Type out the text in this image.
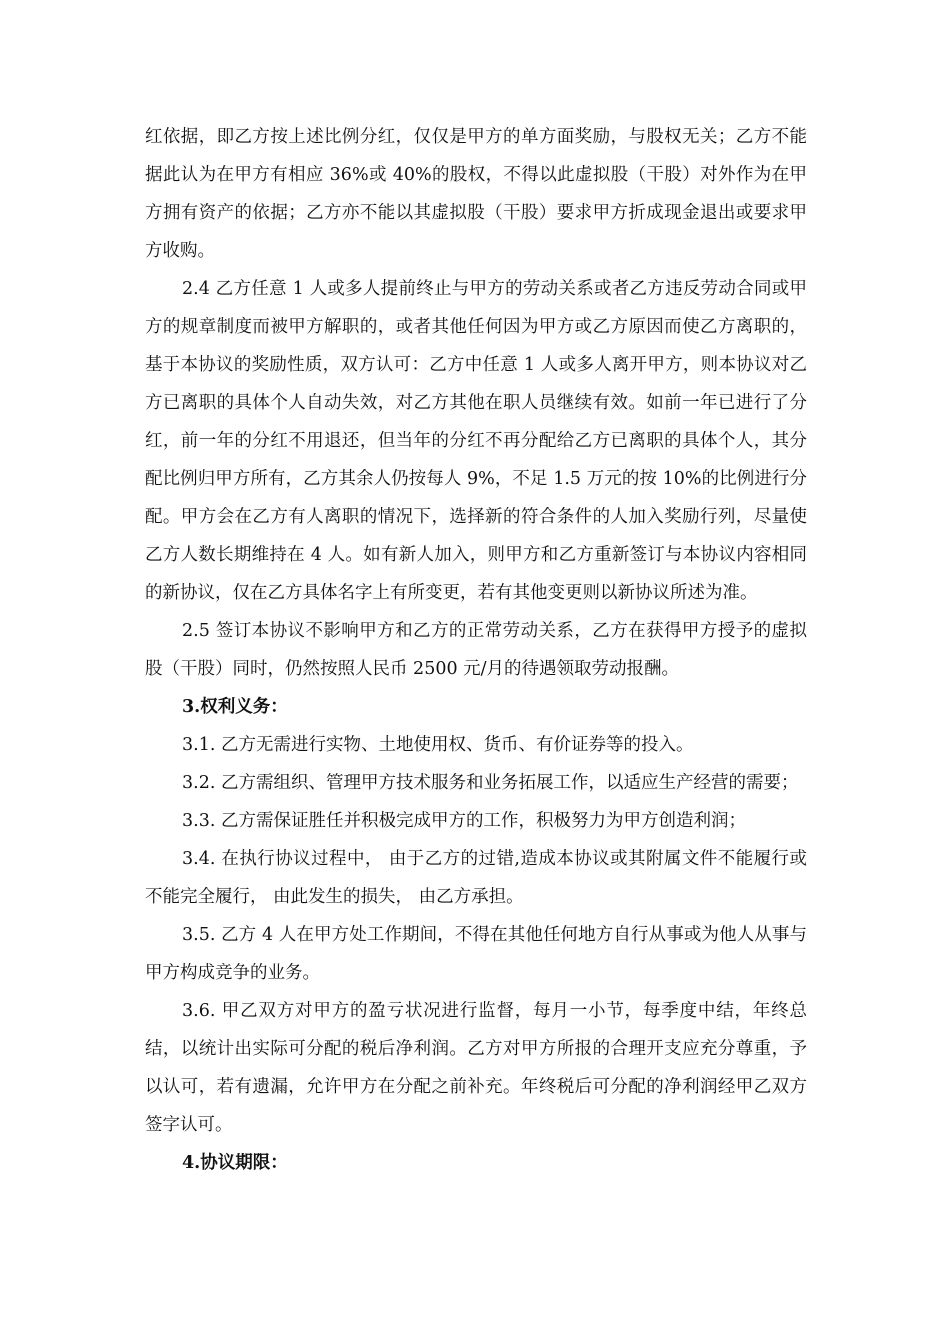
红依据，即乙方按上述比例分红，仅仅是甲方的单方面奖励，与股权无关；乙方不能据此认为在甲方有相应 36%或 40%的股权，不得以此虚拟股（干股）对外作为在甲方拥有资产的依据；乙方亦不能以其虚拟股（干股）要求甲方折成现金退出或要求甲方收购。

2.4 乙方任意 1 人或多人提前终止与甲方的劳动关系或者乙方违反劳动合同或甲方的规章制度而被甲方解职的，或者其他任何因为甲方或乙方原因而使乙方离职的，基于本协议的奖励性质，双方认可：乙方中任意 1 人或多人离开甲方，则本协议对乙方已离职的具体个人自动失效，对乙方其他在职人员继续有效。如前一年已进行了分红，前一年的分红不用退还，但当年的分红不再分配给乙方已离职的具体个人，其分配比例归甲方所有，乙方其余人仍按每人 9%，不足 1.5 万元的按 10%的比例进行分配。甲方会在乙方有人离职的情况下，选择新的符合条件的人加入奖励行列，尽量使乙方人数长期维持在 4 人。如有新人加入，则甲方和乙方重新签订与本协议内容相同的新协议，仅在乙方具体名字上有所变更，若有其他变更则以新协议所述为准。

2.5 签订本协议不影响甲方和乙方的正常劳动关系，乙方在获得甲方授予的虚拟股（干股）同时，仍然按照人民币 2500 元/月的待遇领取劳动报酬。

3.权利义务：

3.1. 乙方无需进行实物、土地使用权、货币、有价证券等的投入。

3.2. 乙方需组织、管理甲方技术服务和业务拓展工作，以适应生产经营的需要；

3.3. 乙方需保证胜任并积极完成甲方的工作，积极努力为甲方创造利润；

3.4. 在执行协议过程中， 由于乙方的过错,造成本协议或其附属文件不能履行或不能完全履行， 由此发生的损失， 由乙方承担。

3.5. 乙方 4 人在甲方处工作期间，不得在其他任何地方自行从事或为他人从事与甲方构成竞争的业务。

3.6. 甲乙双方对甲方的盈亏状况进行监督，每月一小节，每季度中结，年终总结，以统计出实际可分配的税后净利润。乙方对甲方所报的合理开支应充分尊重，予以认可，若有遗漏，允许甲方在分配之前补充。年终税后可分配的净利润经甲乙双方签字认可。

4.协议期限：
